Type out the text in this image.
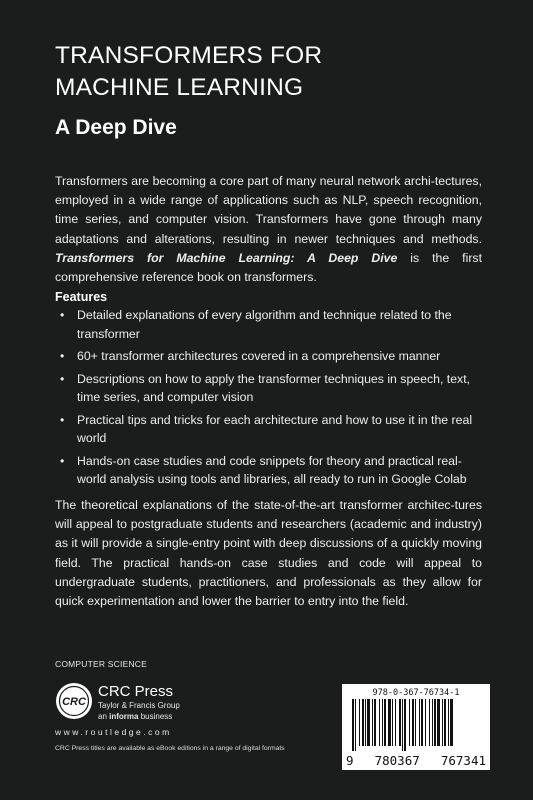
TRANSFORMERS FOR
MACHINE LEARNING
A Deep Dive

Transformers are becoming a core part of many neural network archi-tectures, employed in a wide range of applications such as NLP, speech recognition, time series, and computer vision. Transformers have gone through many adaptations and alterations, resulting in newer techniques and methods. Transformers for Machine Learning: A Deep Dive is the first comprehensive reference book on transformers.

Features
• Detailed explanations of every algorithm and technique related to the transformer
• 60+ transformer architectures covered in a comprehensive manner
• Descriptions on how to apply the transformer techniques in speech, text, time series, and computer vision
• Practical tips and tricks for each architecture and how to use it in the real world
• Hands-on case studies and code snippets for theory and practical real-world analysis using tools and libraries, all ready to run in Google Colab

The theoretical explanations of the state-of-the-art transformer architec-tures will appeal to postgraduate students and researchers (academic and industry) as it will provide a single-entry point with deep discussions of a quickly moving field. The practical hands-on case studies and code will appeal to undergraduate students, practitioners, and professionals as they allow for quick experimentation and lower the barrier to entry into the field.

COMPUTER SCIENCE
CRC
CRC Press
Taylor & Francis Group
an informa business
www.routledge.com
CRC Press titles are available as eBook editions in a range of digital formats
978-0-367-76734-1
9 780367 767341
